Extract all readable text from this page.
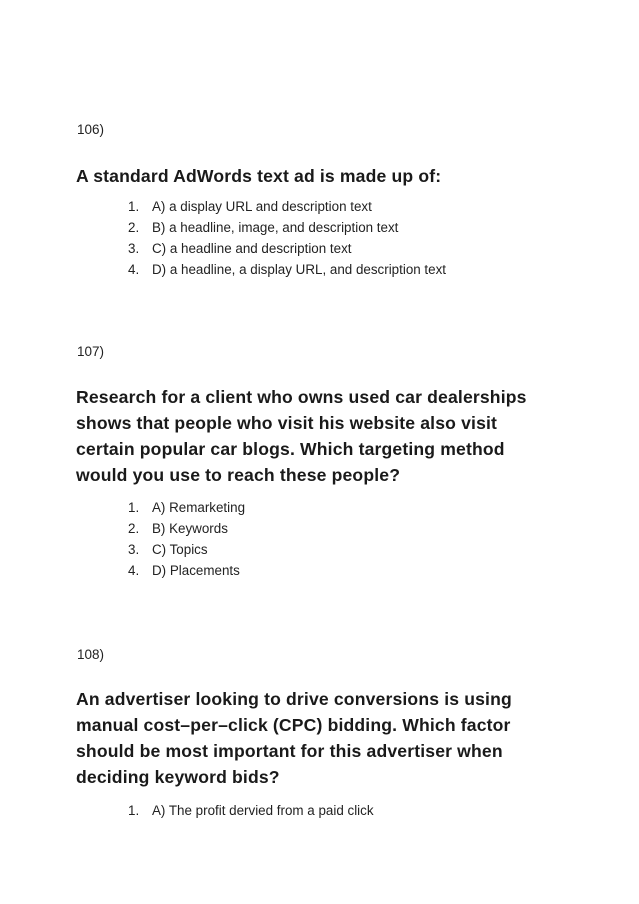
106)
A standard AdWords text ad is made up of:
1. A) a display URL and description text
2. B) a headline, image, and description text
3. C) a headline and description text
4. D) a headline, a display URL, and description text
107)
Research for a client who owns used car dealerships shows that people who visit his website also visit certain popular car blogs. Which targeting method would you use to reach these people?
1. A) Remarketing
2. B) Keywords
3. C) Topics
4. D) Placements
108)
An advertiser looking to drive conversions is using manual cost–per–click (CPC) bidding. Which factor should be most important for this advertiser when deciding keyword bids?
1. A) The profit dervied from a paid click
